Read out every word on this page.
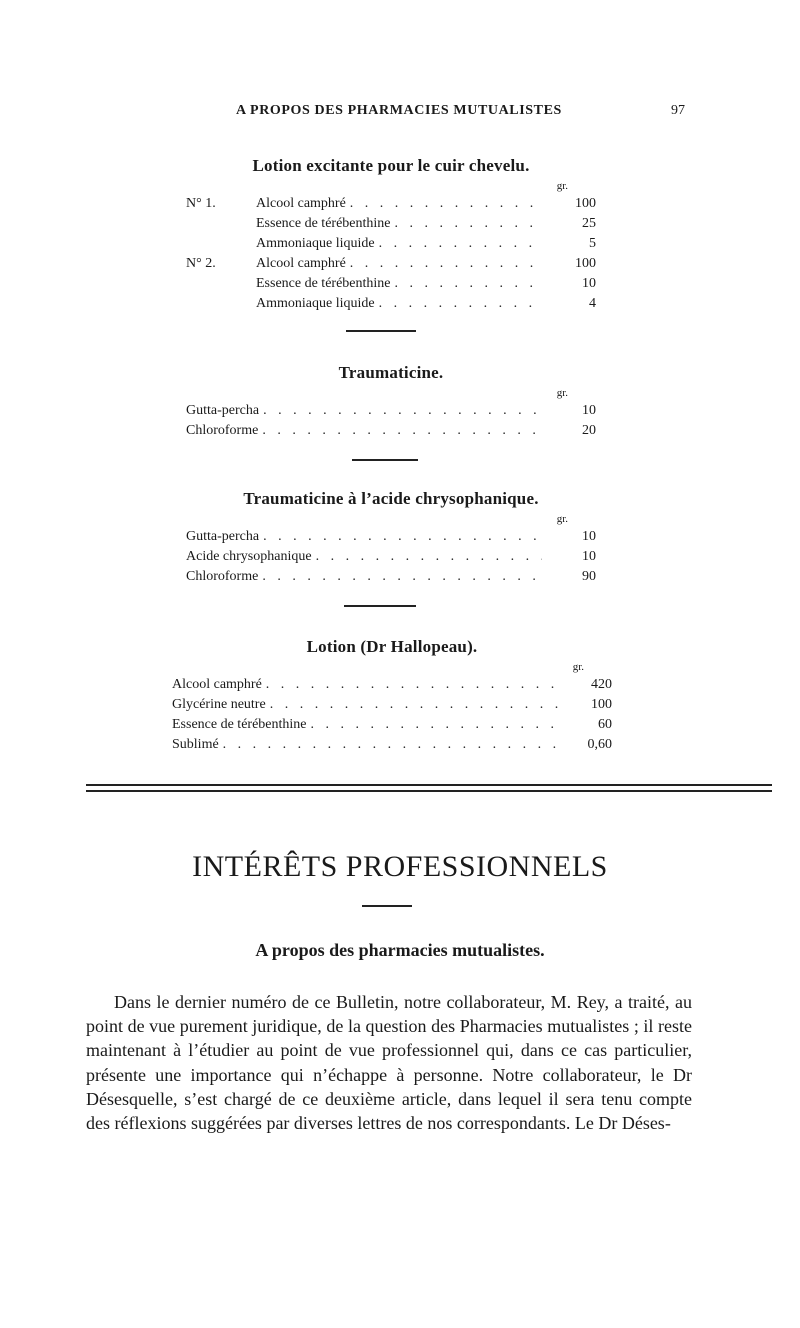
A PROPOS DES PHARMACIES MUTUALISTES	97
Lotion excitante pour le cuir chevelu.
gr.
N° 1.	Alcool camphré . . .	100
Essence de térébenthine . . .	25
Ammoniaque liquide . . .	5
N° 2.	Alcool camphré . . .	100
Essence de térébenthine . . .	10
Ammoniaque liquide . . .	4
Traumaticine.
gr.
Gutta-percha . . .	10
Chloroforme . . .	20
Traumaticine à l’acide chrysophanique.
gr.
Gutta-percha . . .	10
Acide chrysophanique . . .	10
Chloroforme . . .	90
Lotion (Dr Hallopeau).
gr.
Alcool camphré . . .	420
Glycérine neutre . . .	100
Essence de térébenthine . . .	60
Sublimé . . .	0,60
INTÉRÊTS PROFESSIONNELS
A propos des pharmacies mutualistes.

Dans le dernier numéro de ce Bulletin, notre collaborateur, M. Rey, a traité, au point de vue purement juridique, de la question des Pharmacies mutualistes ; il reste maintenant à l’étudier au point de vue professionnel qui, dans ce cas particulier, présente une importance qui n’échappe à personne. Notre collaborateur, le Dr Désesquelle, s’est chargé de ce deuxième article, dans lequel il sera tenu compte des réflexions suggérées par diverses lettres de nos correspondants. Le Dr Déses-
